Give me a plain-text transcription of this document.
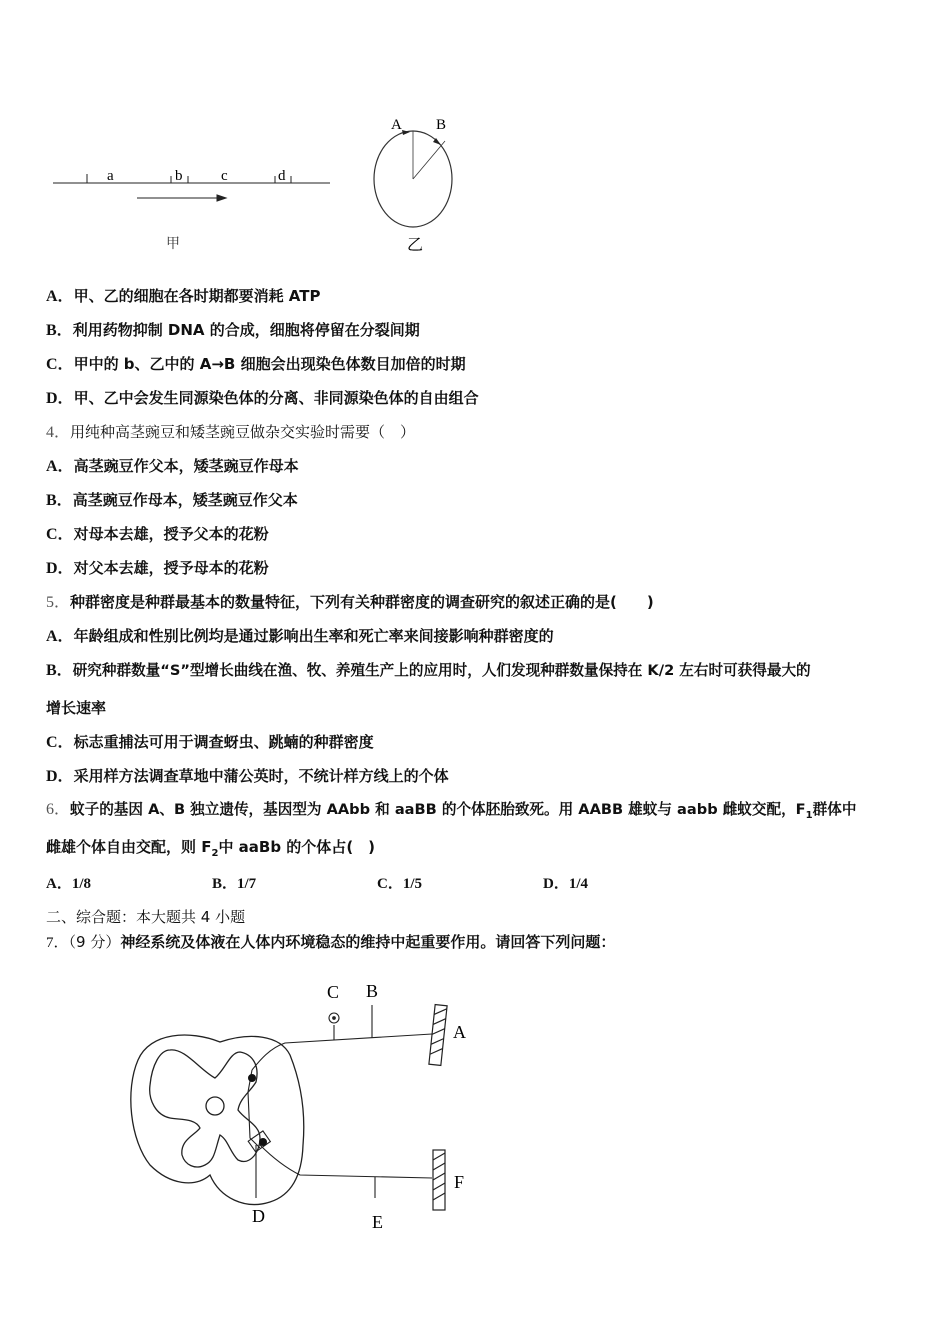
a	b	c	d
甲
A B
乙
A．甲、乙的细胞在各时期都要消耗 ATP
B．利用药物抑制 DNA 的合成，细胞将停留在分裂间期
C．甲中的 b、乙中的 A→B 细胞会出现染色体数目加倍的时期
D．甲、乙中会发生同源染色体的分离、非同源染色体的自由组合
4．用纯种高茎豌豆和矮茎豌豆做杂交实验时需要（　）
A．高茎豌豆作父本，矮茎豌豆作母本
B．高茎豌豆作母本，矮茎豌豆作父本
C．对母本去雄，授予父本的花粉
D．对父本去雄，授予母本的花粉
5．种群密度是种群最基本的数量特征，下列有关种群密度的调查研究的叙述正确的是(　　)
A．年龄组成和性别比例均是通过影响出生率和死亡率来间接影响种群密度的
B．研究种群数量“S”型增长曲线在渔、牧、养殖生产上的应用时，人们发现种群数量保持在 K/2 左右时可获得最大的
增长速率
C．标志重捕法可用于调查蚜虫、跳蝻的种群密度
D．采用样方法调查草地中蒲公英时，不统计样方线上的个体
6．蚊子的基因 A、B 独立遗传，基因型为 AAbb 和 aaBB 的个体胚胎致死。用 AABB 雄蚊与 aabb 雌蚊交配，$F_1$群体中
雌雄个体自由交配，则 $F_2$中 aaBb 的个体占(　)
A．1/8	B．1/7	C．1/5	D．1/4
二、综合题：本大题共 4 小题
7．（9 分）神经系统及体液在人体内环境稳态的维持中起重要作用。请回答下列问题：
A
B
C
D	E
F
